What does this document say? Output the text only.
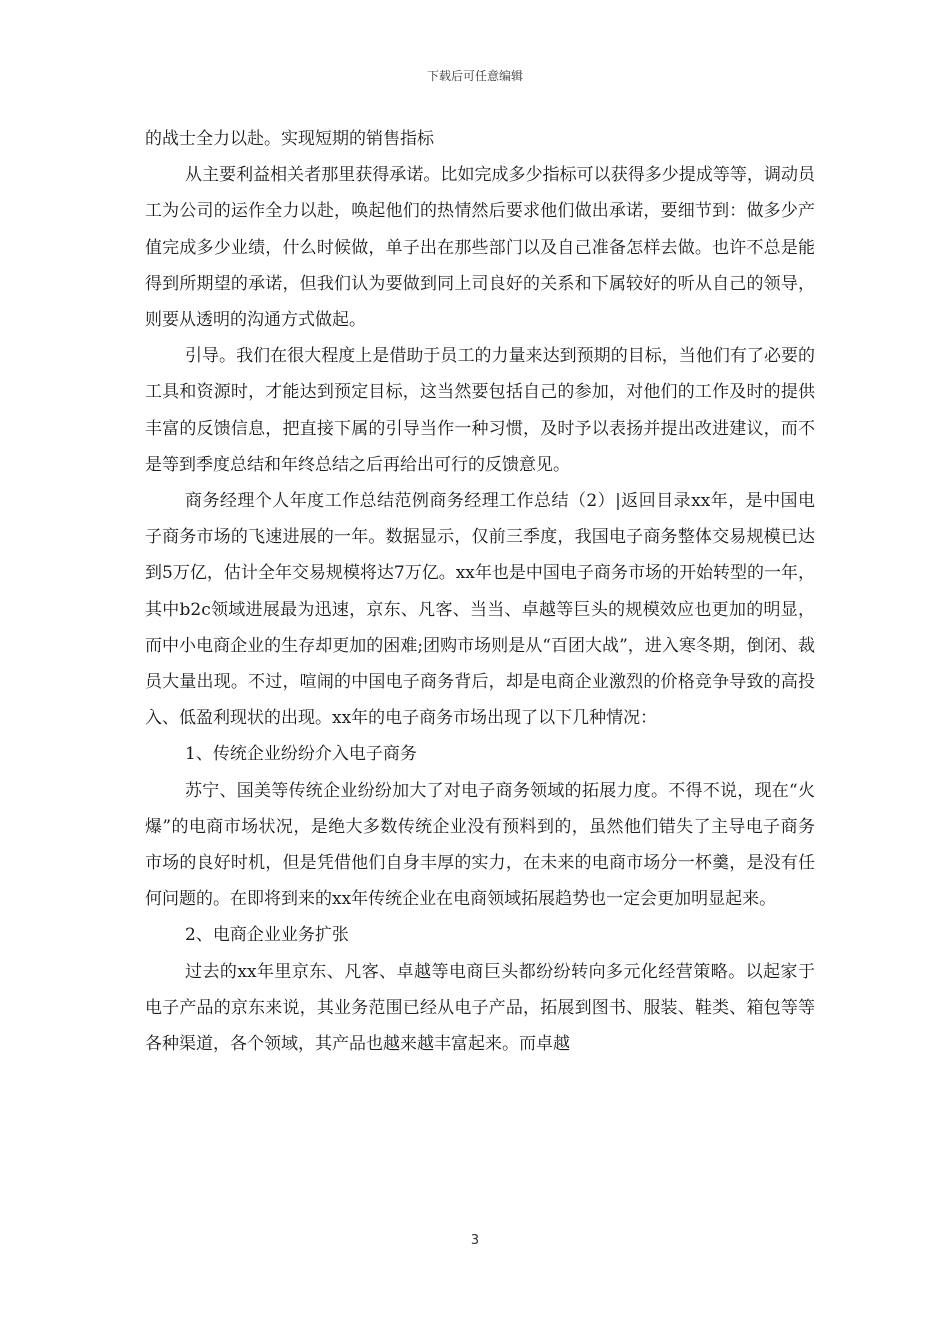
下载后可任意编辑

的战士全力以赴。实现短期的销售指标

从主要利益相关者那里获得承诺。比如完成多少指标可以获得多少提成等等，调动员工为公司的运作全力以赴，唤起他们的热情然后要求他们做出承诺，要细节到：做多少产值完成多少业绩，什么时候做，单子出在那些部门以及自己准备怎样去做。也许不总是能得到所期望的承诺，但我们认为要做到同上司良好的关系和下属较好的听从自己的领导，则要从透明的沟通方式做起。

引导。我们在很大程度上是借助于员工的力量来达到预期的目标，当他们有了必要的工具和资源时，才能达到预定目标，这当然要包括自己的参加，对他们的工作及时的提供丰富的反馈信息，把直接下属的引导当作一种习惯，及时予以表扬并提出改进建议，而不是等到季度总结和年终总结之后再给出可行的反馈意见。

商务经理个人年度工作总结范例商务经理工作总结（2）|返回目录xx年，是中国电子商务市场的飞速进展的一年。数据显示，仅前三季度，我国电子商务整体交易规模已达到5万亿，估计全年交易规模将达7万亿。xx年也是中国电子商务市场的开始转型的一年，其中b2c领域进展最为迅速，京东、凡客、当当、卓越等巨头的规模效应也更加的明显，而中小电商企业的生存却更加的困难;团购市场则是从“百团大战”，进入寒冬期，倒闭、裁员大量出现。不过，喧闹的中国电子商务背后，却是电商企业激烈的价格竞争导致的高投入、低盈利现状的出现。xx年的电子商务市场出现了以下几种情况：

1、传统企业纷纷介入电子商务

苏宁、国美等传统企业纷纷加大了对电子商务领域的拓展力度。不得不说，现在“火爆”的电商市场状况，是绝大多数传统企业没有预料到的，虽然他们错失了主导电子商务市场的良好时机，但是凭借他们自身丰厚的实力，在未来的电商市场分一杯羹，是没有任何问题的。在即将到来的xx年传统企业在电商领域拓展趋势也一定会更加明显起来。

2、电商企业业务扩张

过去的xx年里京东、凡客、卓越等电商巨头都纷纷转向多元化经营策略。以起家于电子产品的京东来说，其业务范围已经从电子产品，拓展到图书、服装、鞋类、箱包等等各种渠道，各个领域，其产品也越来越丰富起来。而卓越

3
